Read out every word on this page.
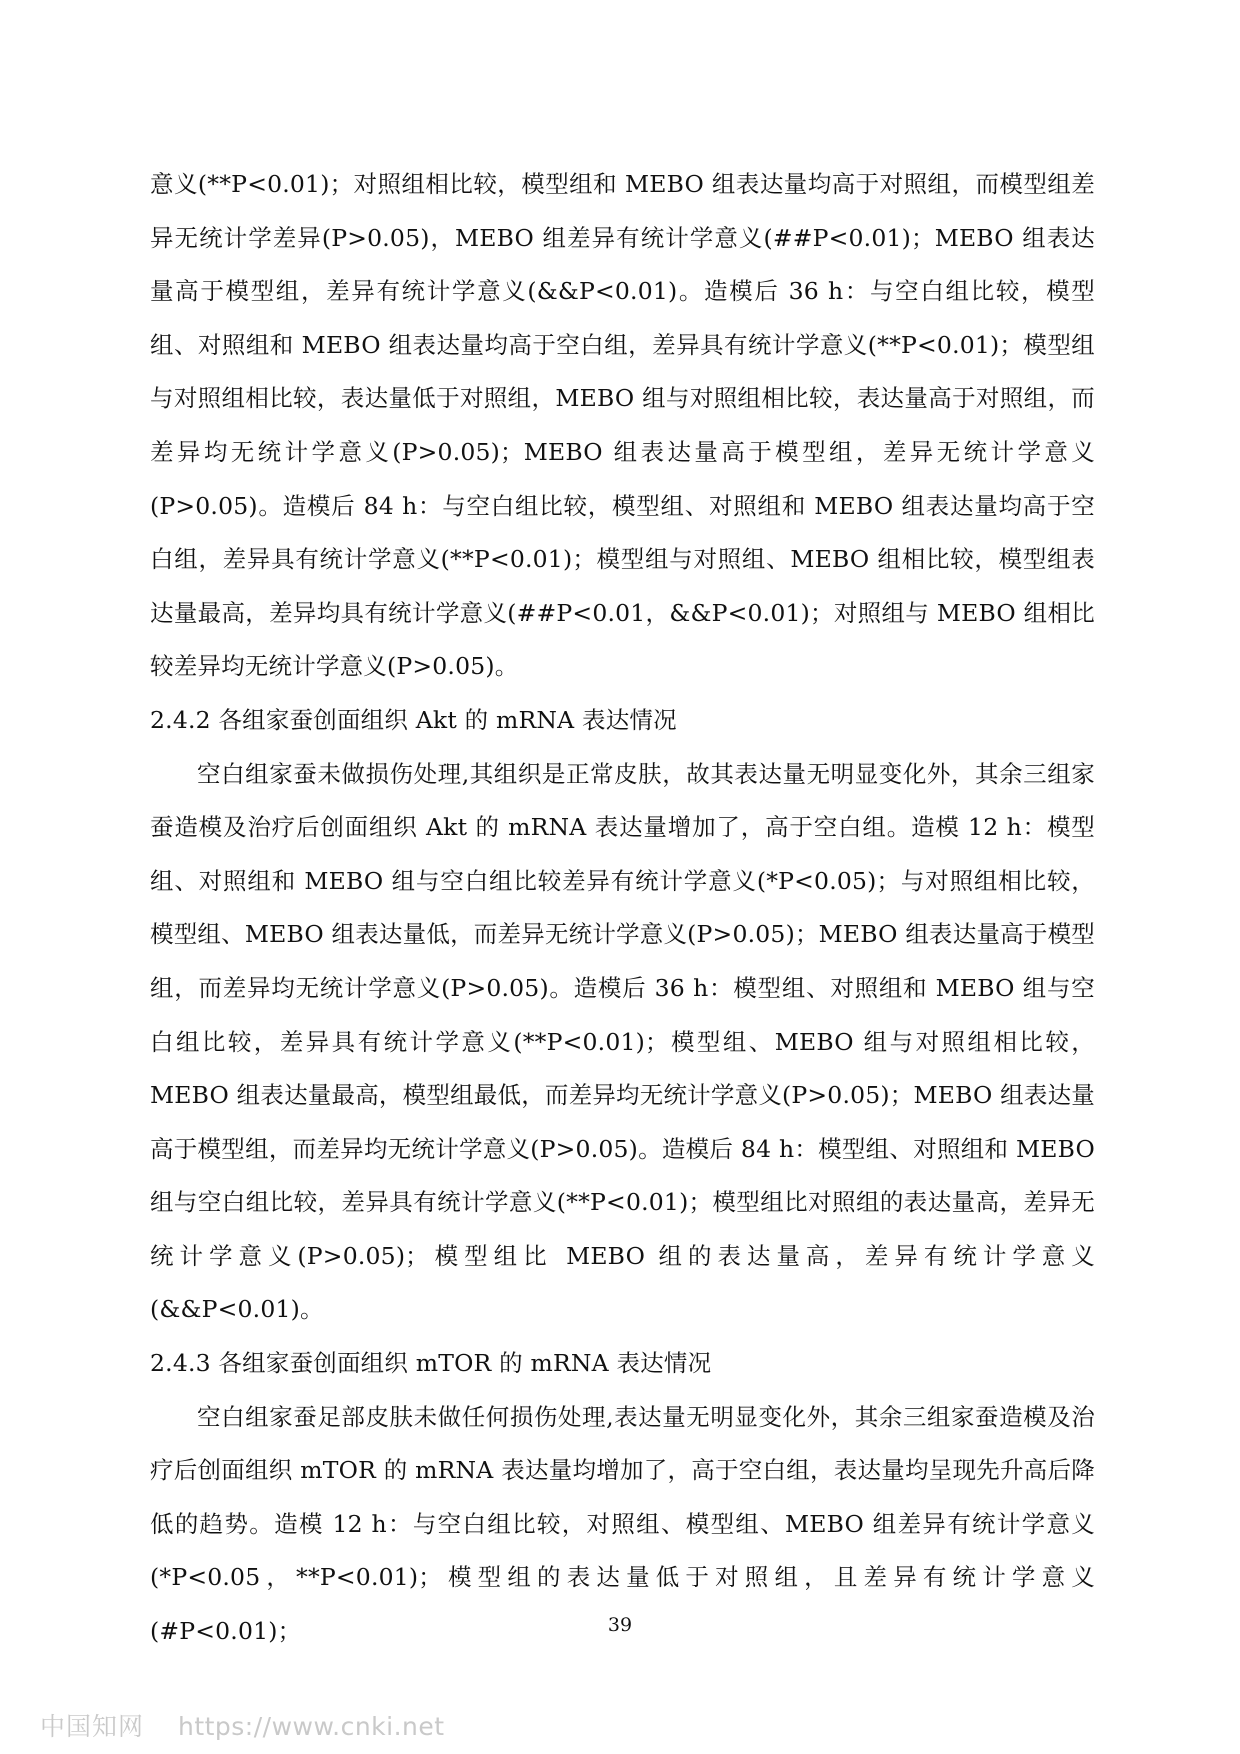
意义(**P<0.01)；对照组相比较，模型组和 MEBO 组表达量均高于对照组，而模型组差异无统计学差异(P>0.05)，MEBO 组差异有统计学意义(##P<0.01)；MEBO 组表达量高于模型组，差异有统计学意义(&&P<0.01)。造模后 36 h：与空白组比较，模型组、对照组和 MEBO 组表达量均高于空白组，差异具有统计学意义(**P<0.01)；模型组与对照组相比较，表达量低于对照组，MEBO 组与对照组相比较，表达量高于对照组，而差异均无统计学意义(P>0.05)；MEBO 组表达量高于模型组，差异无统计学意义(P>0.05)。造模后 84 h：与空白组比较，模型组、对照组和 MEBO 组表达量均高于空白组，差异具有统计学意义(**P<0.01)；模型组与对照组、MEBO 组相比较，模型组表达量最高，差异均具有统计学意义(##P<0.01，&&P<0.01)；对照组与 MEBO 组相比较差异均无统计学意义(P>0.05)。

2.4.2 各组家蚕创面组织 Akt 的 mRNA 表达情况

空白组家蚕未做损伤处理,其组织是正常皮肤，故其表达量无明显变化外，其余三组家蚕造模及治疗后创面组织 Akt 的 mRNA 表达量增加了，高于空白组。造模 12 h：模型组、对照组和 MEBO 组与空白组比较差异有统计学意义(*P<0.05)；与对照组相比较，模型组、MEBO 组表达量低，而差异无统计学意义(P>0.05)；MEBO 组表达量高于模型组，而差异均无统计学意义(P>0.05)。造模后 36 h：模型组、对照组和 MEBO 组与空白组比较，差异具有统计学意义(**P<0.01)；模型组、MEBO 组与对照组相比较，MEBO 组表达量最高，模型组最低，而差异均无统计学意义(P>0.05)；MEBO 组表达量高于模型组，而差异均无统计学意义(P>0.05)。造模后 84 h：模型组、对照组和 MEBO 组与空白组比较，差异具有统计学意义(**P<0.01)；模型组比对照组的表达量高，差异无统计学意义(P>0.05)；模型组比 MEBO 组的表达量高，差异有统计学意义(&&P<0.01)。

2.4.3 各组家蚕创面组织 mTOR 的 mRNA 表达情况

空白组家蚕足部皮肤未做任何损伤处理,表达量无明显变化外，其余三组家蚕造模及治疗后创面组织 mTOR 的 mRNA 表达量均增加了，高于空白组，表达量均呈现先升高后降低的趋势。造模 12 h：与空白组比较，对照组、模型组、MEBO 组差异有统计学意义(*P<0.05，**P<0.01)；模型组的表达量低于对照组，且差异有统计学意义(#P<0.01)；	39
中国知网 https://www.cnki.net
